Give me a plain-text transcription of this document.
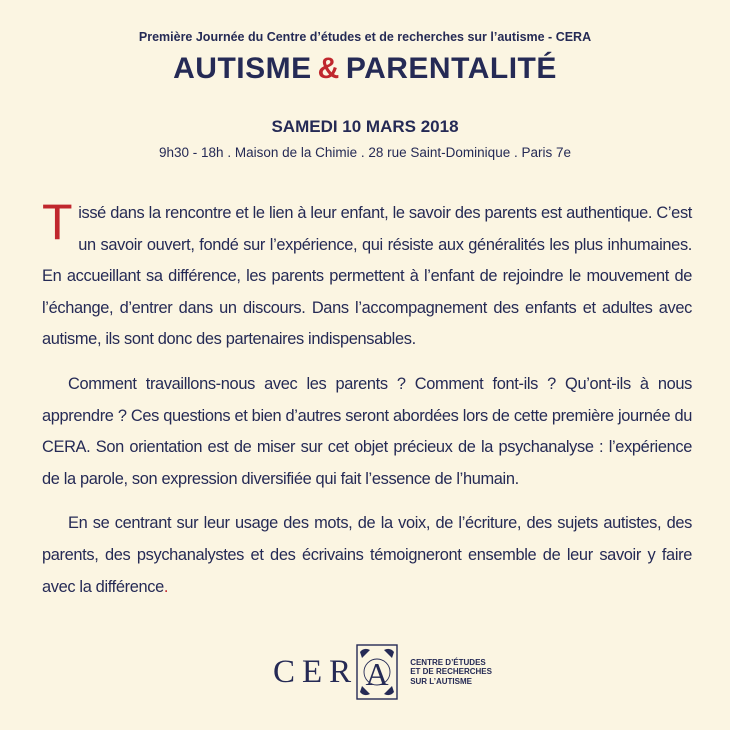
Première Journée du Centre d’études et de recherches sur l’autisme - CERA
AUTISME & PARENTALITÉ
SAMEDI 10 MARS 2018
9h30 - 18h . Maison de la Chimie . 28 rue Saint-Dominique . Paris 7e

Tissé dans la rencontre et le lien à leur enfant, le savoir des parents est authentique. C’est un savoir ouvert, fondé sur l’expérience, qui résiste aux généralités les plus inhumaines. En accueillant sa différence, les parents permettent à l’enfant de rejoindre le mouvement de l’échange, d’entrer dans un discours. Dans l’accompagnement des enfants et adultes avec autisme, ils sont donc des partenaires indispensables.

Comment travaillons-nous avec les parents ? Comment font-ils ? Qu’ont-ils à nous apprendre ? Ces questions et bien d’autres seront abordées lors de cette première journée du CERA. Son orientation est de miser sur cet objet précieux de la psychanalyse : l’expérience de la parole, son expression diversifiée qui fait l’essence de l’humain.

En se centrant sur leur usage des mots, de la voix, de l’écriture, des sujets autistes, des parents, des psychanalystes et des écrivains témoigneront ensemble de leur savoir y faire avec la différence.

CER A	CENTRE D’ÉTUDES
ET DE RECHERCHES
SUR L’AUTISME
